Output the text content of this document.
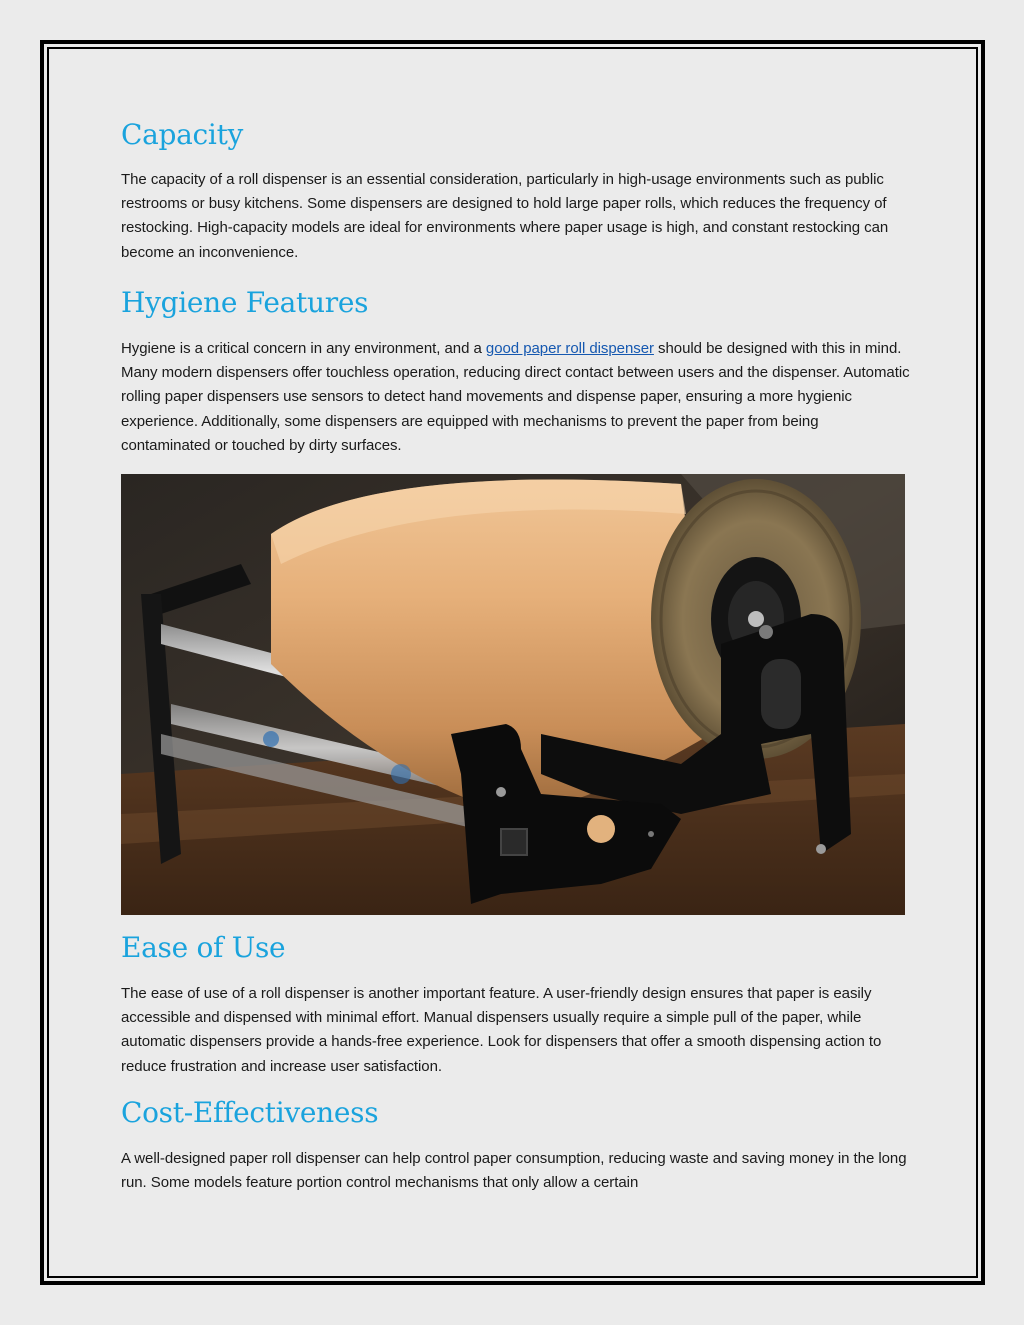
Capacity

The capacity of a roll dispenser is an essential consideration, particularly in high-usage environments such as public restrooms or busy kitchens. Some dispensers are designed to hold large paper rolls, which reduces the frequency of restocking. High-capacity models are ideal for environments where paper usage is high, and constant restocking can become an inconvenience.

Hygiene Features

Hygiene is a critical concern in any environment, and a good paper roll dispenser should be designed with this in mind. Many modern dispensers offer touchless operation, reducing direct contact between users and the dispenser. Automatic rolling paper dispensers use sensors to detect hand movements and dispense paper, ensuring a more hygienic experience. Additionally, some dispensers are equipped with mechanisms to prevent the paper from being contaminated or touched by dirty surfaces.

Ease of Use

The ease of use of a roll dispenser is another important feature. A user-friendly design ensures that paper is easily accessible and dispensed with minimal effort. Manual dispensers usually require a simple pull of the paper, while automatic dispensers provide a hands-free experience. Look for dispensers that offer a smooth dispensing action to reduce frustration and increase user satisfaction.

Cost-Effectiveness

A well-designed paper roll dispenser can help control paper consumption, reducing waste and saving money in the long run. Some models feature portion control mechanisms that only allow a certain
